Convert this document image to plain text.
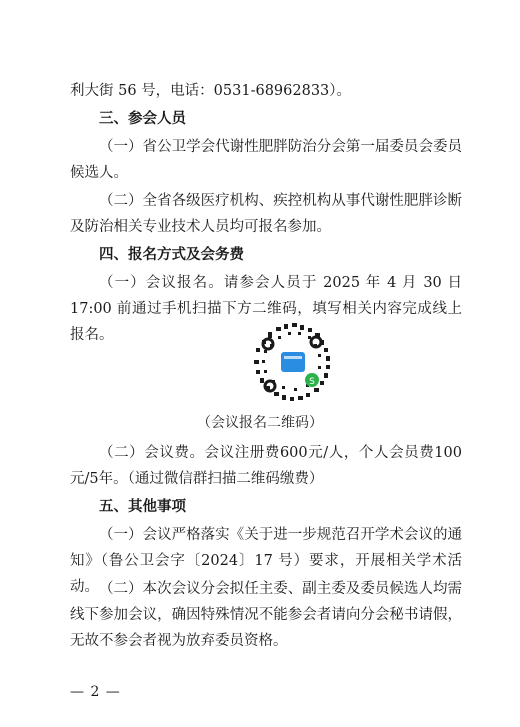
利大街 56 号，电话：0531-68962833）。

三、参会人员

（一）省公卫学会代谢性肥胖防治分会第一届委员会委员候选人。

（二）全省各级医疗机构、疾控机构从事代谢性肥胖诊断及防治相关专业技术人员均可报名参加。

四、报名方式及会务费

（一）会议报名。请参会人员于 2025 年 4 月 30 日 17:00 前通过手机扫描下方二维码，填写相关内容完成线上报名。

S
（会议报名二维码）

（二）会议费。会议注册费600元/人，个人会员费100元/5年。（通过微信群扫描二维码缴费）

五、其他事项

（一）会议严格落实《关于进一步规范召开学术会议的通知》（鲁公卫会字〔2024〕17 号）要求，开展相关学术活动。 （二）本次会议分会拟任主委、副主委及委员候选人均需线下参加会议，确因特殊情况不能参会者请向分会秘书请假，无故不参会者视为放弃委员资格。

— 2 —
